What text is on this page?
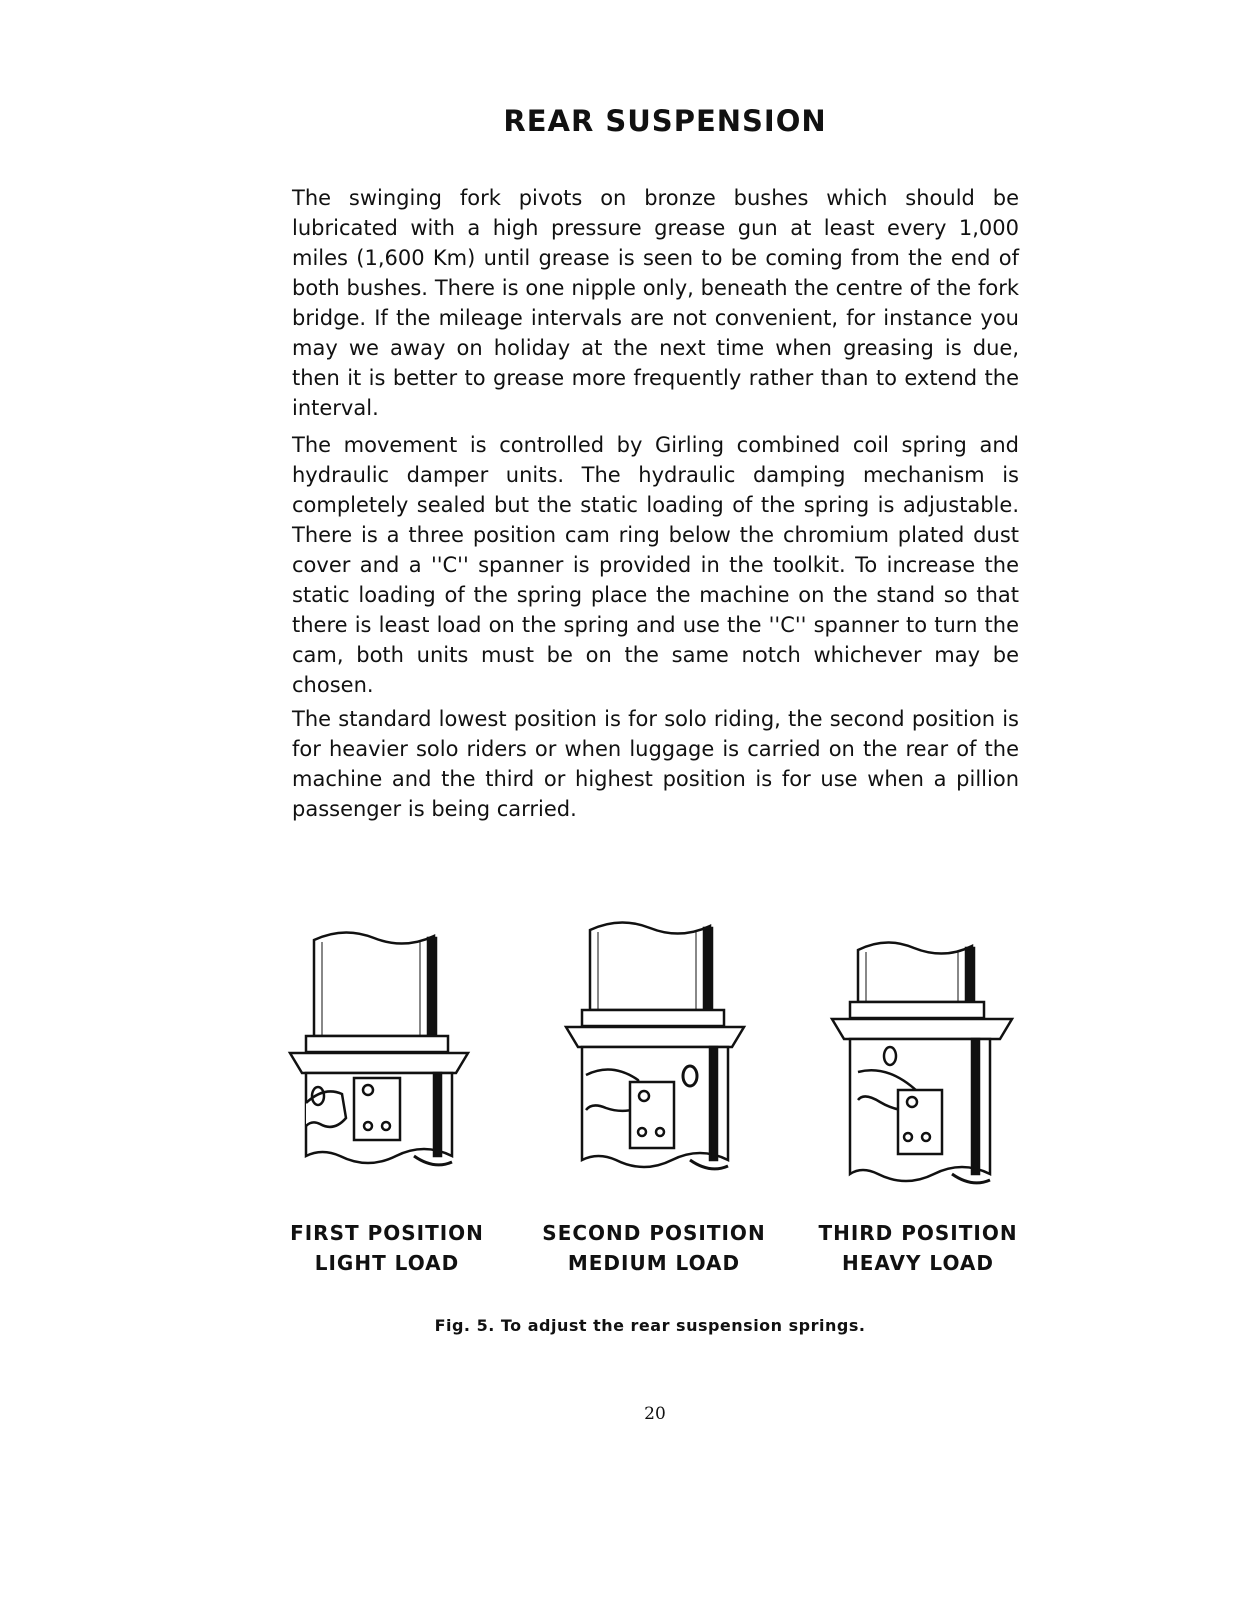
REAR SUSPENSION

The swinging fork pivots on bronze bushes which should be lubricated with a high pressure grease gun at least every 1,000 miles (1,600 Km) until grease is seen to be coming from the end of both bushes. There is one nipple only, beneath the centre of the fork bridge. If the mileage intervals are not convenient, for instance you may we away on holiday at the next time when greasing is due, then it is better to grease more frequently rather than to extend the interval.

The movement is controlled by Girling combined coil spring and hydraulic damper units. The hydraulic damping mechanism is completely sealed but the static loading of the spring is adjustable. There is a three position cam ring below the chromium plated dust cover and a ''C'' spanner is provided in the toolkit. To increase the static loading of the spring place the machine on the stand so that there is least load on the spring and use the ''C'' spanner to turn the cam, both units must be on the same notch whichever may be chosen.

The standard lowest position is for solo riding, the second position is for heavier solo riders or when luggage is carried on the rear of the machine and the third or highest position is for use when a pillion passenger is being carried.

FIRST POSITION
LIGHT LOAD
SECOND POSITION
MEDIUM LOAD
THIRD POSITION
HEAVY LOAD
Fig. 5. To adjust the rear suspension springs.
20
